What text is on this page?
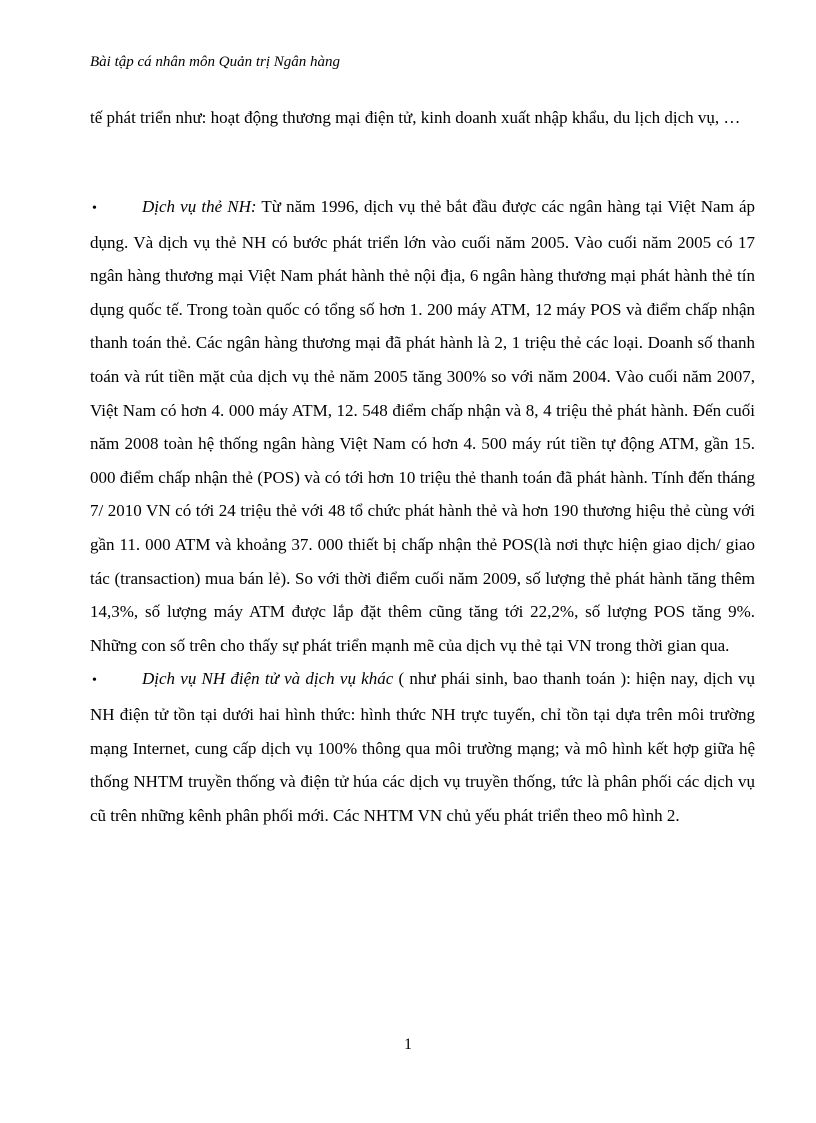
Bài tập cá nhân môn Quản trị Ngân hàng
tế phát triển như: hoạt động thương mại điện tử, kinh doanh xuất nhập khẩu, du lịch dịch vụ, …
•	Dịch vụ thẻ NH: Từ năm 1996, dịch vụ thẻ bắt đầu được các ngân hàng tại Việt Nam áp dụng. Và dịch vụ thẻ NH có bước phát triển lớn vào cuối năm 2005. Vào cuối năm 2005 có 17 ngân hàng thương mại Việt Nam phát hành thẻ nội địa, 6 ngân hàng thương mại phát hành thẻ tín dụng quốc tế. Trong toàn quốc có tổng số hơn 1. 200 máy ATM, 12 máy POS và điểm chấp nhận thanh toán thẻ. Các ngân hàng thương mại đã phát hành là 2, 1 triệu thẻ các loại. Doanh số thanh toán và rút tiền mặt của dịch vụ thẻ năm 2005 tăng 300% so với năm 2004. Vào cuối năm 2007, Việt Nam có hơn 4. 000 máy ATM, 12. 548 điểm chấp nhận và 8, 4 triệu thẻ phát hành. Đến cuối năm 2008 toàn hệ thống ngân hàng Việt Nam có hơn 4. 500 máy rút tiền tự động ATM, gần 15. 000 điểm chấp nhận thẻ (POS) và có tới hơn 10 triệu thẻ thanh toán đã phát hành. Tính đến tháng 7/ 2010 VN có tới 24 triệu thẻ với 48 tổ chức phát hành thẻ và hơn 190 thương hiệu thẻ cùng với gần 11. 000 ATM và khoảng 37. 000 thiết bị chấp nhận thẻ POS(là nơi thực hiện giao dịch/ giao tác (transaction) mua bán lẻ). So với thời điểm cuối năm 2009, số lượng thẻ phát hành tăng thêm 14,3%, số lượng máy ATM được lắp đặt thêm cũng tăng tới 22,2%, số lượng POS tăng 9%. Những con số trên cho thấy sự phát triển mạnh mẽ của dịch vụ thẻ tại VN trong thời gian qua.
•	Dịch vụ NH điện tử và dịch vụ khác ( như phái sinh, bao thanh toán ): hiện nay, dịch vụ NH điện tử tồn tại dưới hai hình thức: hình thức NH trực tuyến, chỉ tồn tại dựa trên môi trường mạng Internet, cung cấp dịch vụ 100% thông qua môi trường mạng; và mô hình kết hợp giữa hệ thống NHTM truyền thống và điện tử húa các dịch vụ truyền thống, tức là phân phối các dịch vụ cũ trên những kênh phân phối mới. Các NHTM VN chủ yếu phát triển theo mô hình 2.
1
